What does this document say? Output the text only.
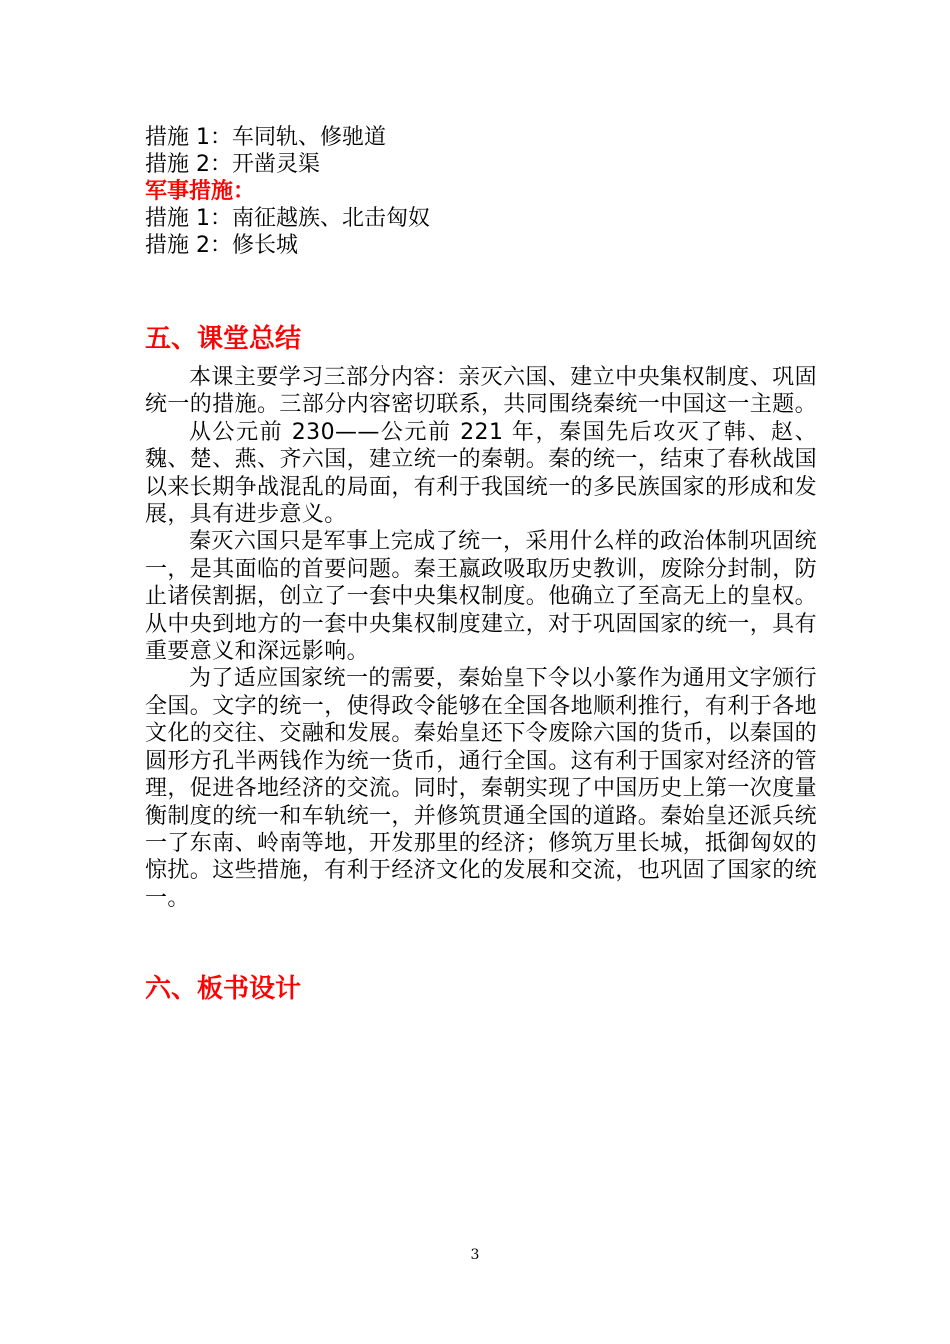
措施 1：车同轨、修驰道
措施 2：开凿灵渠
军事措施：
措施 1：南征越族、北击匈奴
措施 2：修长城
五、课堂总结

本课主要学习三部分内容：亲灭六国、建立中央集权制度、巩固统一的措施。三部分内容密切联系，共同围绕秦统一中国这一主题。

从公元前 230——公元前 221 年，秦国先后攻灭了韩、赵、魏、楚、燕、齐六国，建立统一的秦朝。秦的统一，结束了春秋战国以来长期争战混乱的局面，有利于我国统一的多民族国家的形成和发展，具有进步意义。

秦灭六国只是军事上完成了统一，采用什么样的政治体制巩固统一，是其面临的首要问题。秦王嬴政吸取历史教训，废除分封制，防止诸侯割据，创立了一套中央集权制度。他确立了至高无上的皇权。从中央到地方的一套中央集权制度建立，对于巩固国家的统一，具有重要意义和深远影响。

为了适应国家统一的需要，秦始皇下令以小篆作为通用文字颁行全国。文字的统一，使得政令能够在全国各地顺利推行，有利于各地文化的交往、交融和发展。秦始皇还下令废除六国的货币，以秦国的圆形方孔半两钱作为统一货币，通行全国。这有利于国家对经济的管理，促进各地经济的交流。同时，秦朝实现了中国历史上第一次度量衡制度的统一和车轨统一，并修筑贯通全国的道路。秦始皇还派兵统一了东南、岭南等地，开发那里的经济；修筑万里长城，抵御匈奴的惊扰。这些措施，有利于经济文化的发展和交流，也巩固了国家的统一。

六、板书设计
3
